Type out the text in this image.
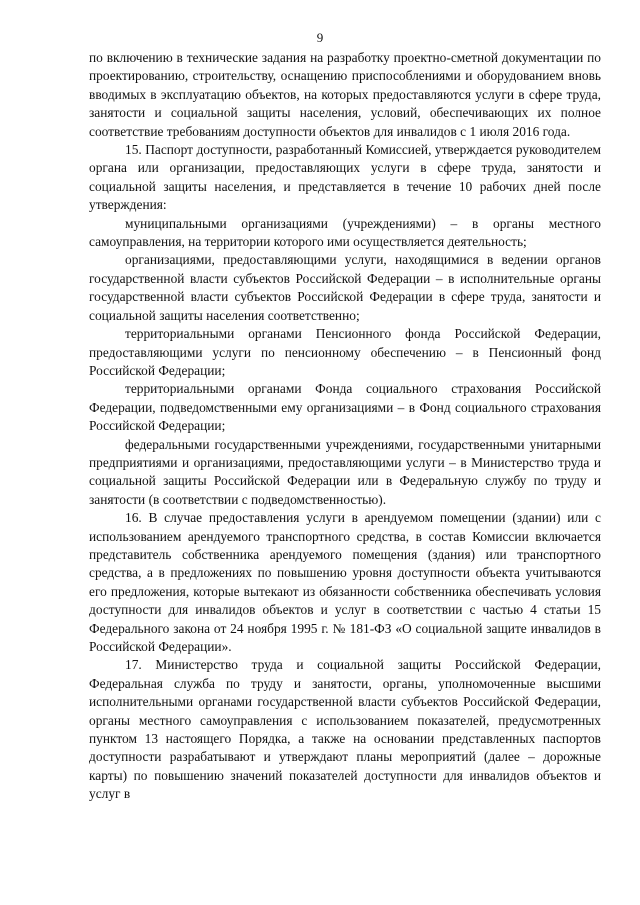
9

по включению в технические задания на разработку проектно-сметной документации по проектированию, строительству, оснащению приспособлениями и оборудованием вновь вводимых в эксплуатацию объектов, на которых предоставляются услуги в сфере труда, занятости и социальной защиты населения, условий, обеспечивающих их полное соответствие требованиям доступности объектов для инвалидов с 1 июля 2016 года.

15. Паспорт доступности, разработанный Комиссией, утверждается руководителем органа или организации, предоставляющих услуги в сфере труда, занятости и социальной защиты населения, и представляется в течение 10 рабочих дней после утверждения:

муниципальными организациями (учреждениями) – в органы местного самоуправления, на территории которого ими осуществляется деятельность;

организациями, предоставляющими услуги, находящимися в ведении органов государственной власти субъектов Российской Федерации – в исполнительные органы государственной власти субъектов Российской Федерации в сфере труда, занятости и социальной защиты населения соответственно;

территориальными органами Пенсионного фонда Российской Федерации, предоставляющими услуги по пенсионному обеспечению – в Пенсионный фонд Российской Федерации;

территориальными органами Фонда социального страхования Российской Федерации, подведомственными ему организациями – в Фонд социального страхования Российской Федерации;

федеральными государственными учреждениями, государственными унитарными предприятиями и организациями, предоставляющими услуги – в Министерство труда и социальной защиты Российской Федерации или в Федеральную службу по труду и занятости (в соответствии с подведомственностью).

16. В случае предоставления услуги в арендуемом помещении (здании) или с использованием арендуемого транспортного средства, в состав Комиссии включается представитель собственника арендуемого помещения (здания) или транспортного средства, а в предложениях по повышению уровня доступности объекта учитываются его предложения, которые вытекают из обязанности собственника обеспечивать условия доступности для инвалидов объектов и услуг в соответствии с частью 4 статьи 15 Федерального закона от 24 ноября 1995 г. № 181-ФЗ «О социальной защите инвалидов в Российской Федерации».

17. Министерство труда и социальной защиты Российской Федерации, Федеральная служба по труду и занятости, органы, уполномоченные высшими исполнительными органами государственной власти субъектов Российской Федерации, органы местного самоуправления с использованием показателей, предусмотренных пунктом 13 настоящего Порядка, а также на основании представленных паспортов доступности разрабатывают и утверждают планы мероприятий (далее – дорожные карты) по повышению значений показателей доступности для инвалидов объектов и услуг в
